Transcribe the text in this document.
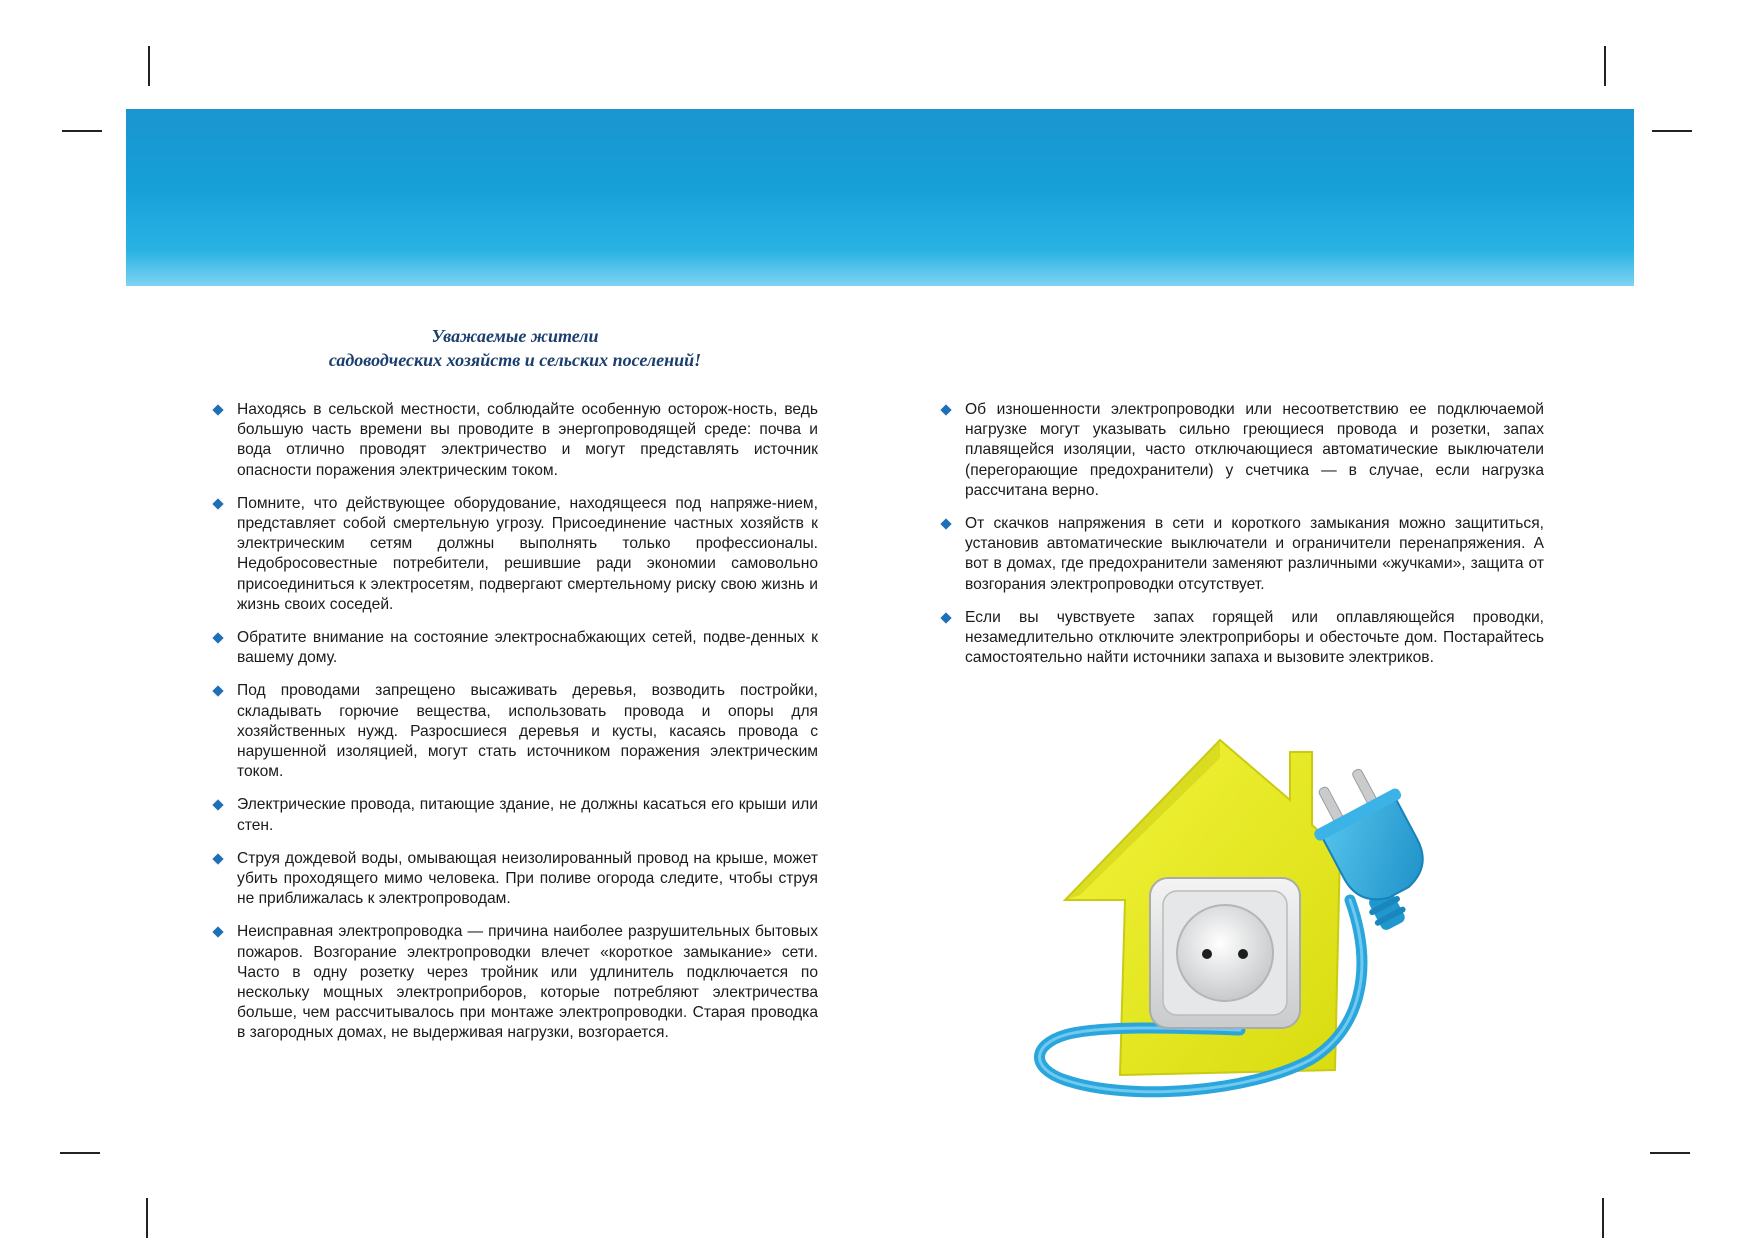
Уважаемые жители
садоводческих хозяйств и сельских поселений!
Находясь в сельской местности, соблюдайте особенную осторож-ность, ведь большую часть времени вы проводите в энергопроводящей среде: почва и вода отлично проводят электричество и могут представлять источник опасности поражения электрическим током.
Помните, что действующее оборудование, находящееся под напряже-нием, представляет собой смертельную угрозу. Присоединение частных хозяйств к электрическим сетям должны выполнять только профессионалы. Недобросовестные потребители, решившие ради экономии самовольно присоединиться к электросетям, подвергают смертельному риску свою жизнь и жизнь своих соседей.
Обратите внимание на состояние электроснабжающих сетей, подве-денных к вашему дому.
Под проводами запрещено высаживать деревья, возводить постройки, складывать горючие вещества, использовать провода и опоры для хозяйственных нужд. Разросшиеся деревья и кусты, касаясь провода с нарушенной изоляцией, могут стать источником поражения электрическим током.
Электрические провода, питающие здание, не должны касаться его крыши или стен.
Струя дождевой воды, омывающая неизолированный провод на крыше, может убить проходящего мимо человека. При поливе огорода следите, чтобы струя не приближалась к электропроводам.
Неисправная электропроводка — причина наиболее разрушительных бытовых пожаров. Возгорание электропроводки влечет «короткое замыкание» сети. Часто в одну розетку через тройник или удлинитель подключается по нескольку мощных электроприборов, которые потребляют электричества больше, чем рассчитывалось при монтаже электропроводки. Старая проводка в загородных домах, не выдерживая нагрузки, возгорается.
Об изношенности электропроводки или несоответствию ее подключаемой нагрузке могут указывать сильно греющиеся провода и розетки, запах плавящейся изоляции, часто отключающиеся автоматические выключатели (перегорающие предохранители) у счетчика — в случае, если нагрузка рассчитана верно.
От скачков напряжения в сети и короткого замыкания можно защититься, установив автоматические выключатели и ограничители перенапряжения. А вот в домах, где предохранители заменяют различными «жучками», защита от возгорания электропроводки отсутствует.
Если вы чувствуете запах горящей или оплавляющейся проводки, незамедлительно отключите электроприборы и обесточьте дом. Постарайтесь самостоятельно найти источники запаха и вызовите электриков.
